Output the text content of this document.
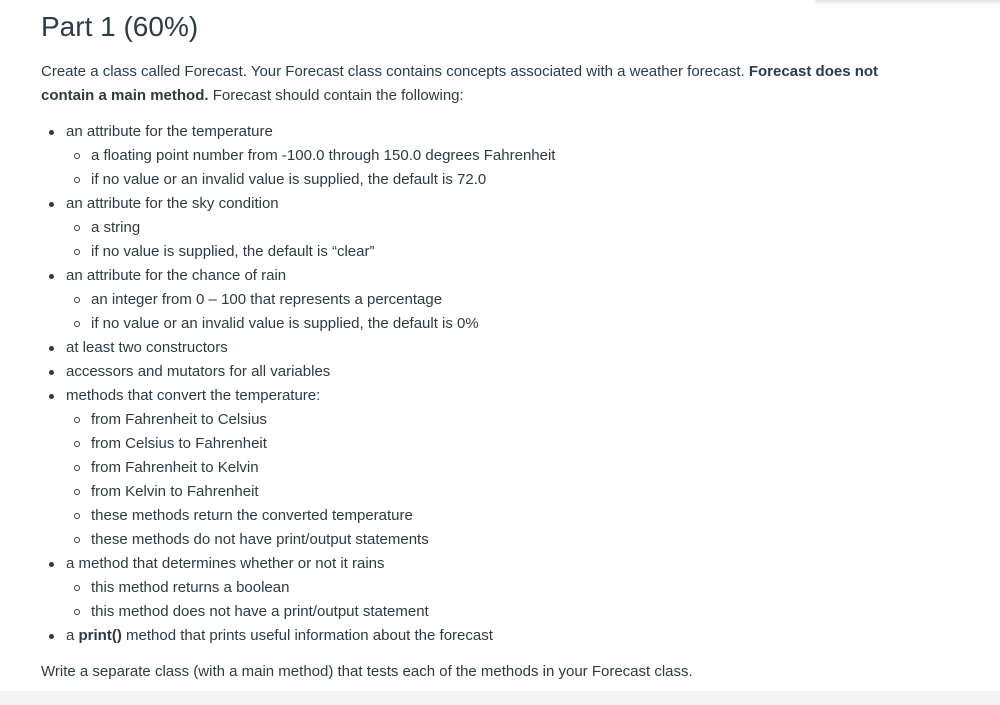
Part 1 (60%)

Create a class called Forecast. Your Forecast class contains concepts associated with a weather forecast. Forecast does not contain a main method. Forecast should contain the following:

an attribute for the temperature
a floating point number from -100.0 through 150.0 degrees Fahrenheit
if no value or an invalid value is supplied, the default is 72.0
an attribute for the sky condition
a string
if no value is supplied, the default is “clear”
an attribute for the chance of rain
an integer from 0 – 100 that represents a percentage
if no value or an invalid value is supplied, the default is 0%
at least two constructors
accessors and mutators for all variables
methods that convert the temperature:
from Fahrenheit to Celsius
from Celsius to Fahrenheit
from Fahrenheit to Kelvin
from Kelvin to Fahrenheit
these methods return the converted temperature
these methods do not have print/output statements
a method that determines whether or not it rains
this method returns a boolean
this method does not have a print/output statement
a print() method that prints useful information about the forecast

Write a separate class (with a main method) that tests each of the methods in your Forecast class.
